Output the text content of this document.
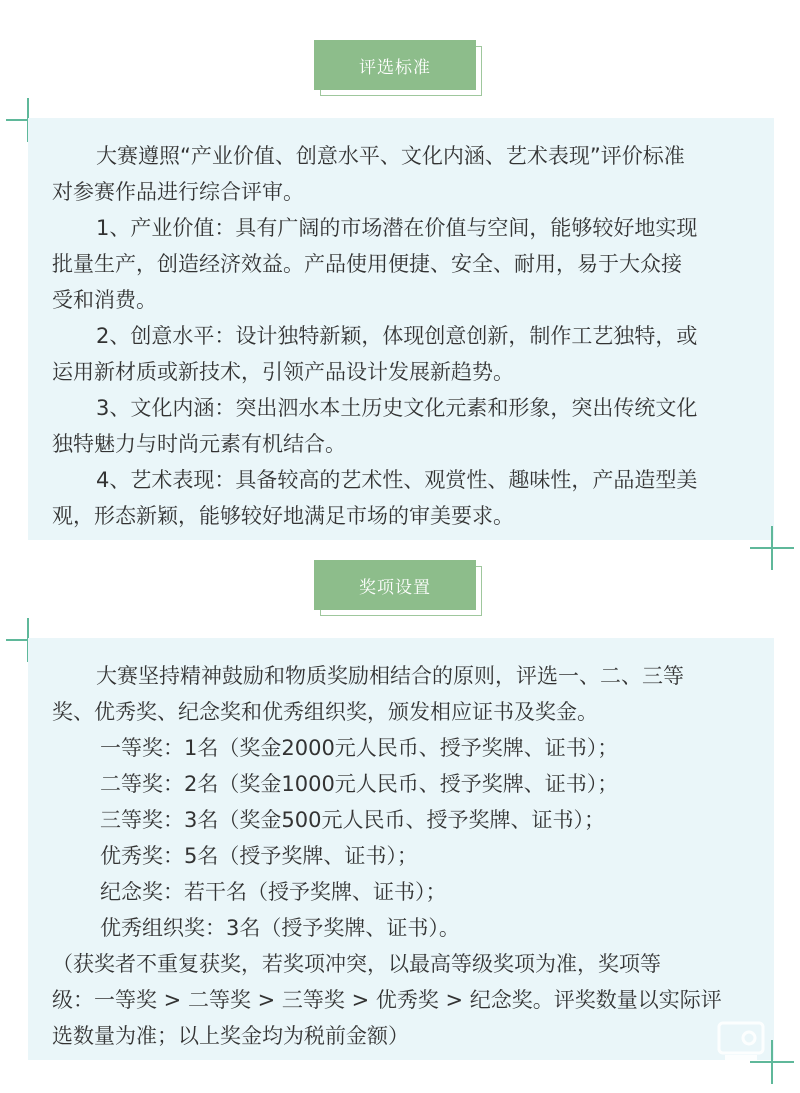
评选标准

大赛遵照“产业价值、创意水平、文化内涵、艺术表现”评价标准

对参赛作品进行综合评审。

1、产业价值：具有广阔的市场潜在价值与空间，能够较好地实现

批量生产，创造经济效益。产品使用便捷、安全、耐用，易于大众接

受和消费。

2、创意水平：设计独特新颖，体现创意创新，制作工艺独特，或

运用新材质或新技术，引领产品设计发展新趋势。

3、文化内涵：突出泗水本土历史文化元素和形象，突出传统文化

独特魅力与时尚元素有机结合。

4、艺术表现：具备较高的艺术性、观赏性、趣味性，产品造型美

观，形态新颖，能够较好地满足市场的审美要求。

奖项设置

大赛坚持精神鼓励和物质奖励相结合的原则，评选一、二、三等

奖、优秀奖、纪念奖和优秀组织奖，颁发相应证书及奖金。

一等奖：1名（奖金2000元人民币、授予奖牌、证书）；

二等奖：2名（奖金1000元人民币、授予奖牌、证书）；

三等奖：3名（奖金500元人民币、授予奖牌、证书）；

优秀奖：5名（授予奖牌、证书）；

纪念奖：若干名（授予奖牌、证书）；

优秀组织奖：3名（授予奖牌、证书）。

（获奖者不重复获奖，若奖项冲突，以最高等级奖项为准，奖项等

级：一等奖 > 二等奖 > 三等奖 > 优秀奖 > 纪念奖。评奖数量以实际评

选数量为准；以上奖金均为税前金额）
